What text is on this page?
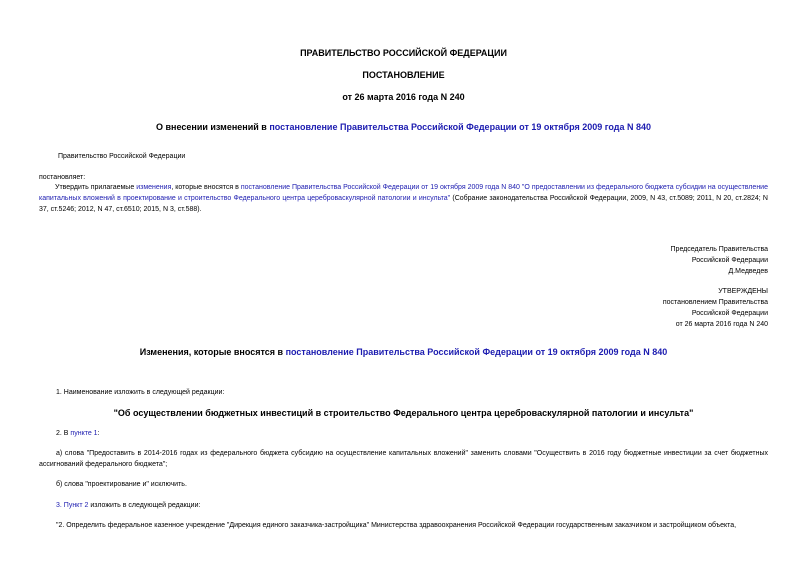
ПРАВИТЕЛЬСТВО РОССИЙСКОЙ ФЕДЕРАЦИИ
ПОСТАНОВЛЕНИЕ
от 26 марта 2016 года N 240
О внесении изменений в постановление Правительства Российской Федерации от 19 октября 2009 года N 840
Правительство Российской Федерации
постановляет:
Утвердить прилагаемые изменения, которые вносятся в постановление Правительства Российской Федерации от 19 октября 2009 года N 840 "О предоставлении из федерального бюджета субсидии на осуществление капитальных вложений в проектирование и строительство Федерального центра цереброваскулярной патологии и инсульта" (Собрание законодательства Российской Федерации, 2009, N 43, ст.5089; 2011, N 20, ст.2824; N 37, ст.5246; 2012, N 47, ст.6510; 2015, N 3, ст.588).
Председатель Правительства
Российской Федерации
Д.Медведев
УТВЕРЖДЕНЫ
постановлением Правительства
Российской Федерации
от 26 марта 2016 года N 240
Изменения, которые вносятся в постановление Правительства Российской Федерации от 19 октября 2009 года N 840
1. Наименование изложить в следующей редакции:
"Об осуществлении бюджетных инвестиций в строительство Федерального центра цереброваскулярной патологии и инсульта"
2. В пункте 1:
а) слова "Предоставить в 2014-2016 годах из федерального бюджета субсидию на осуществление капитальных вложений" заменить словами "Осуществить в 2016 году бюджетные инвестиции за счет бюджетных ассигнований федерального бюджета";
б) слова "проектирование и" исключить.
3. Пункт 2 изложить в следующей редакции:
"2. Определить федеральное казенное учреждение "Дирекция единого заказчика-застройщика" Министерства здравоохранения Российской Федерации государственным заказчиком и застройщиком объекта,
